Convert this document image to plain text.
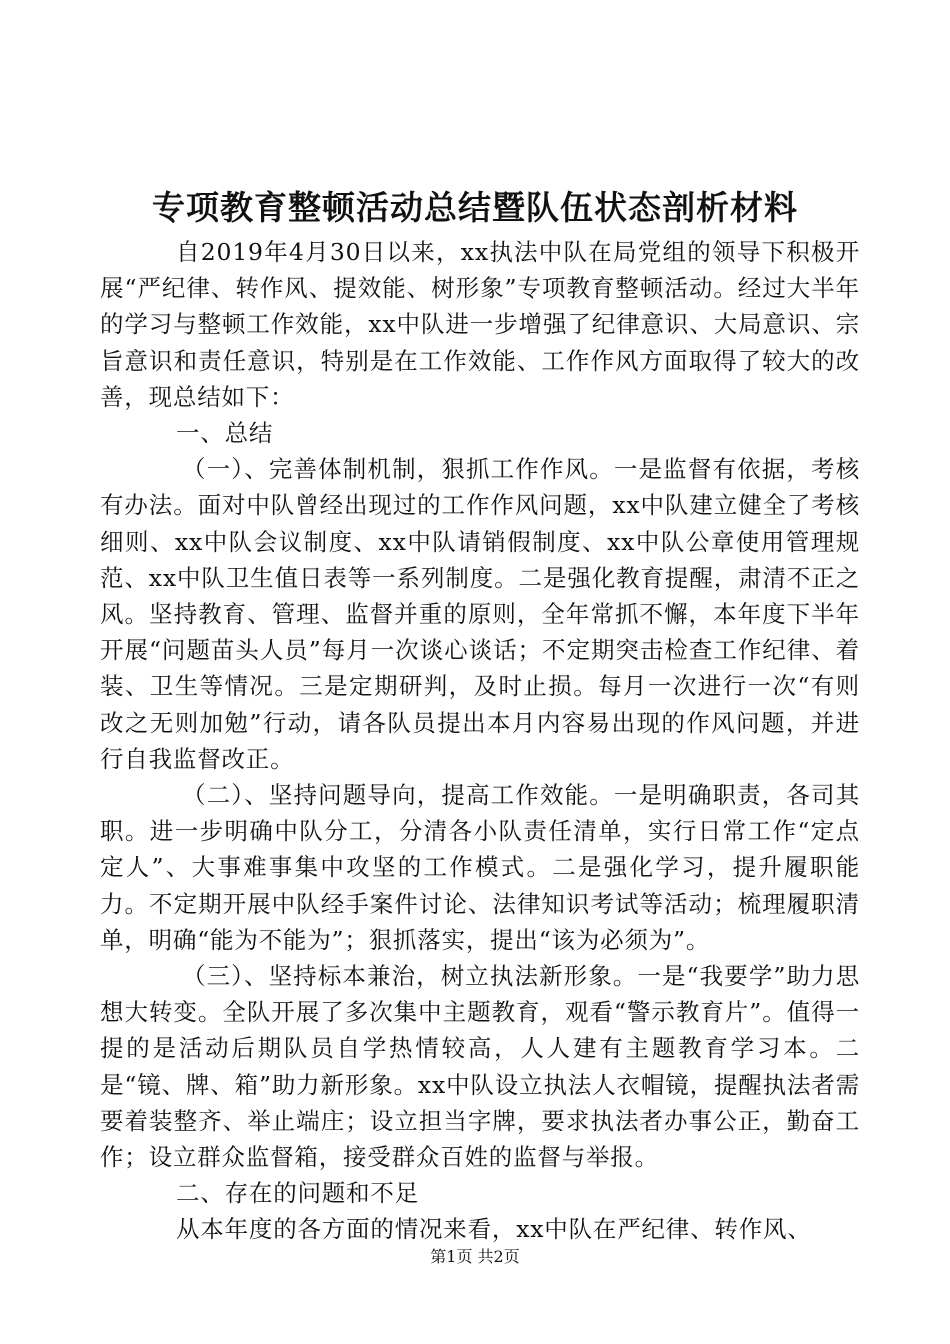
专项教育整顿活动总结暨队伍状态剖析材料

自2019年4月30日以来，xx执法中队在局党组的领导下积极开展“严纪律、转作风、提效能、树形象”专项教育整顿活动。经过大半年的学习与整顿工作效能，xx中队进一步增强了纪律意识、大局意识、宗旨意识和责任意识，特别是在工作效能、工作作风方面取得了较大的改善，现总结如下：

一、总结

（一）、完善体制机制，狠抓工作作风。一是监督有依据，考核有办法。面对中队曾经出现过的工作作风问题，xx中队建立健全了考核细则、xx中队会议制度、xx中队请销假制度、xx中队公章使用管理规范、xx中队卫生值日表等一系列制度。二是强化教育提醒，肃清不正之风。坚持教育、管理、监督并重的原则，全年常抓不懈，本年度下半年开展“问题苗头人员”每月一次谈心谈话；不定期突击检查工作纪律、着装、卫生等情况。三是定期研判，及时止损。每月一次进行一次“有则改之无则加勉”行动，请各队员提出本月内容易出现的作风问题，并进行自我监督改正。

（二）、坚持问题导向，提高工作效能。一是明确职责，各司其职。进一步明确中队分工，分清各小队责任清单，实行日常工作“定点定人”、大事难事集中攻坚的工作模式。二是强化学习，提升履职能力。不定期开展中队经手案件讨论、法律知识考试等活动；梳理履职清单，明确“能为不能为”；狠抓落实，提出“该为必须为”。

（三）、坚持标本兼治，树立执法新形象。一是“我要学”助力思想大转变。全队开展了多次集中主题教育，观看“警示教育片”。值得一提的是活动后期队员自学热情较高，人人建有主题教育学习本。二是“镜、牌、箱”助力新形象。xx中队设立执法人衣帽镜，提醒执法者需要着装整齐、举止端庄；设立担当字牌，要求执法者办事公正，勤奋工作；设立群众监督箱，接受群众百姓的监督与举报。

二、存在的问题和不足

从本年度的各方面的情况来看，xx中队在严纪律、转作风、

第1页 共2页
